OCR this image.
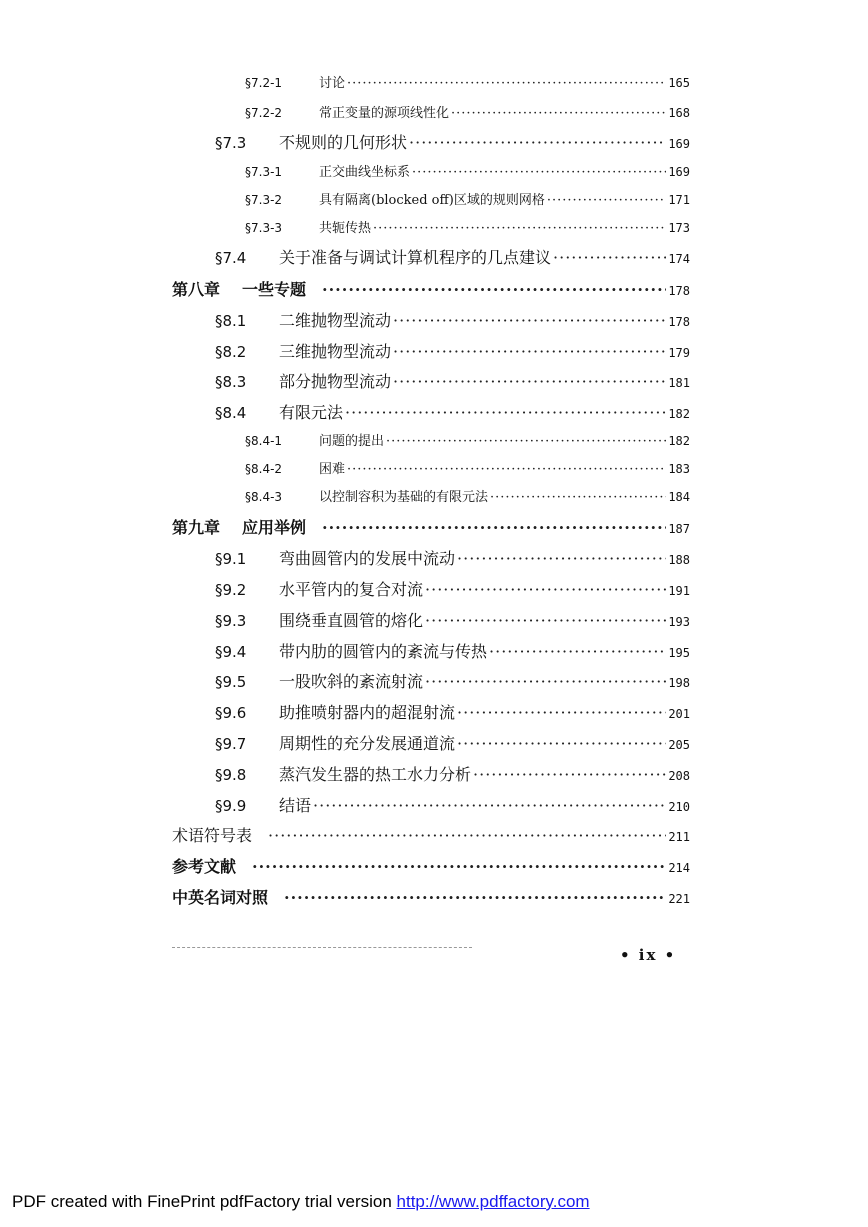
§7.2-1	讨论 ·····	165
§7.2-2	常正变量的源项线性化 ·····	168
§7.3	不规则的几何形状 ·····	169
§7.3-1	正交曲线坐标系 ·····	169
§7.3-2	具有隔离(blocked off)区域的规则网格 ·····	171
§7.3-3	共轭传热 ·····	173
§7.4	关于准备与调试计算机程序的几点建议 ·····	174
第八章 一些专题 ·····	178
§8.1	二维抛物型流动 ·····	178
§8.2	三维抛物型流动 ·····	179
§8.3	部分抛物型流动 ·····	181
§8.4	有限元法 ·····	182
§8.4-1	问题的提出 ·····	182
§8.4-2	困难 ·····	183
§8.4-3	以控制容积为基础的有限元法 ·····	184
第九章 应用举例 ·····	187
§9.1	弯曲圆管内的发展中流动 ·····	188
§9.2	水平管内的复合对流 ·····	191
§9.3	围绕垂直圆管的熔化 ·····	193
§9.4	带内肋的圆管内的紊流与传热 ·····	195
§9.5	一股吹斜的紊流射流 ·····	198
§9.6	助推喷射器内的超混射流 ·····	201
§9.7	周期性的充分发展通道流 ·····	205
§9.8	蒸汽发生器的热工水力分析 ·····	208
§9.9	结语 ·····	210
术语符号表 ·····	211
参考文献 ·····	214
中英名词对照 ·····	221
• ix •
PDF created with FinePrint pdfFactory trial version http://www.pdffactory.com
